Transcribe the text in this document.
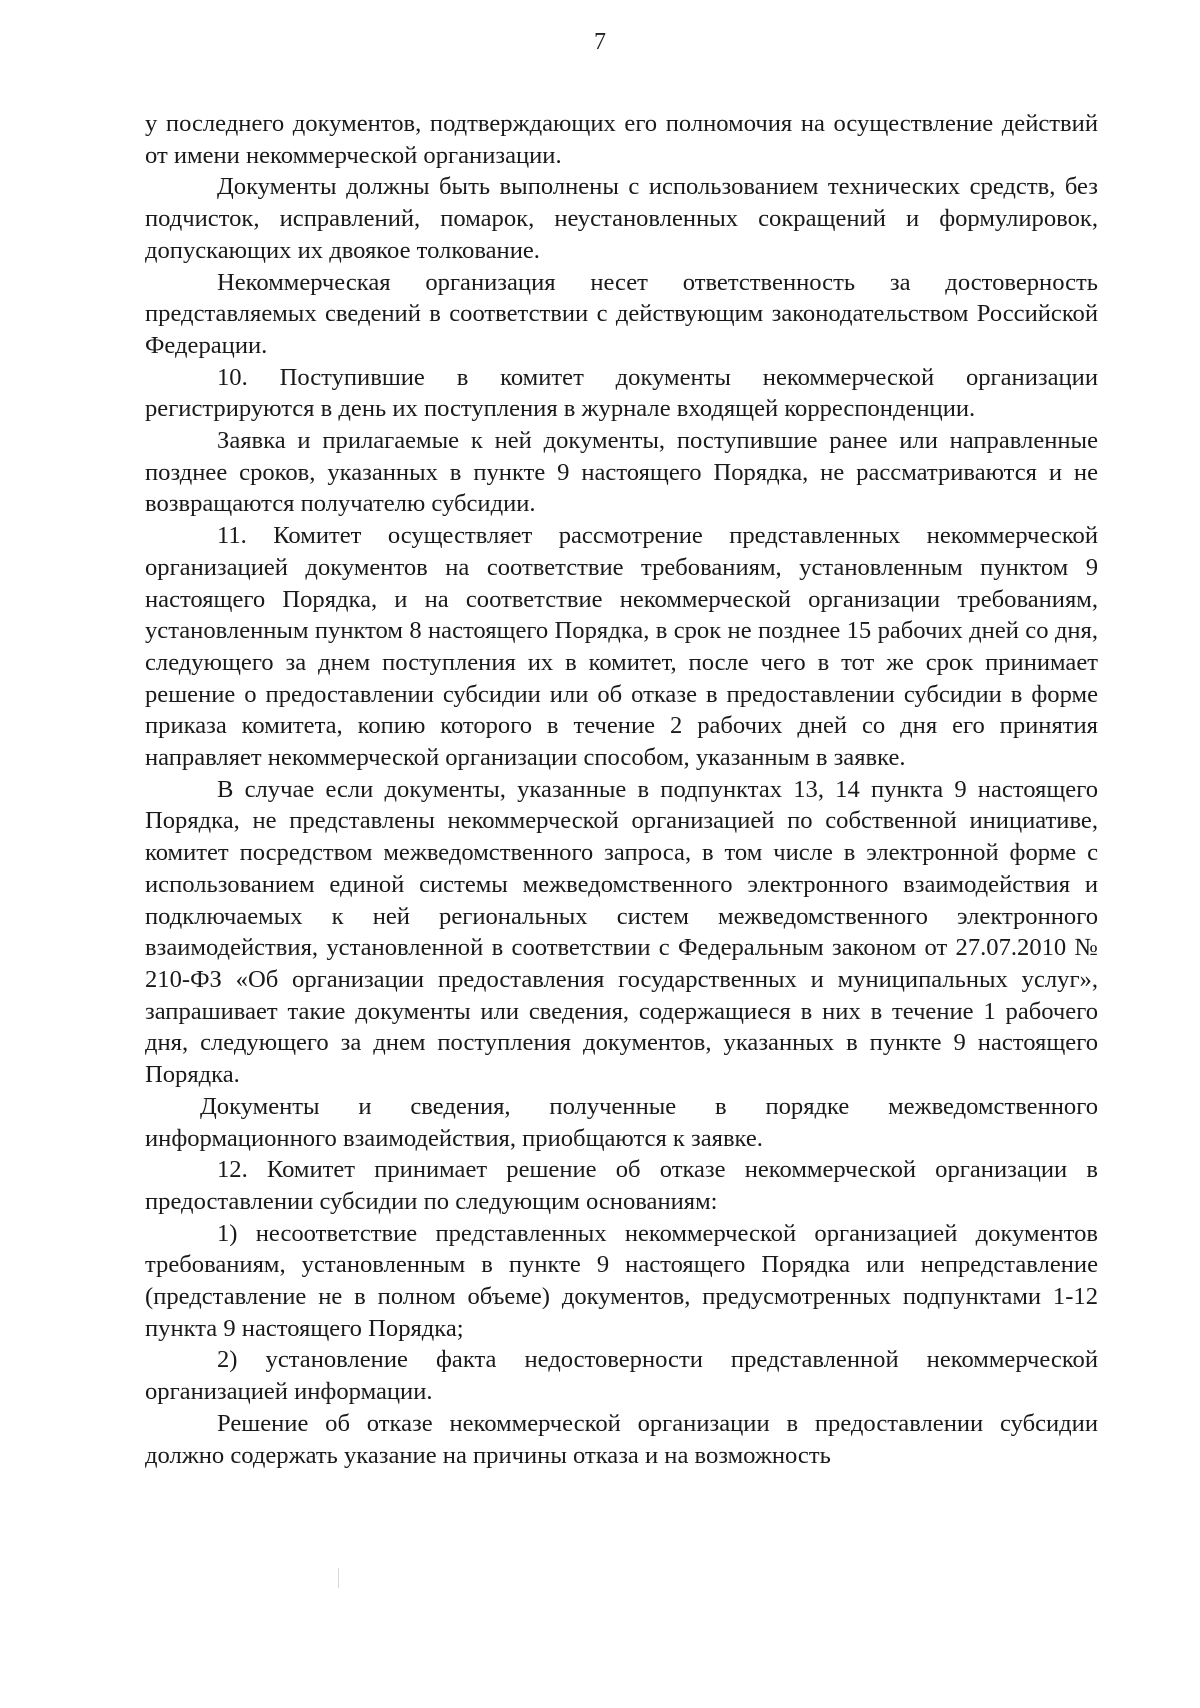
7

у последнего документов, подтверждающих его полномочия на осуществление действий от имени некоммерческой организации.

Документы должны быть выполнены с использованием технических средств, без подчисток, исправлений, помарок, неустановленных сокращений и формулировок, допускающих их двоякое толкование.

Некоммерческая организация несет ответственность за достоверность представляемых сведений в соответствии с действующим законодательством Российской Федерации.

10. Поступившие в комитет документы некоммерческой организации регистрируются в день их поступления в журнале входящей корреспонденции.

Заявка и прилагаемые к ней документы, поступившие ранее или направленные позднее сроков, указанных в пункте 9 настоящего Порядка, не рассматриваются и не возвращаются получателю субсидии.

11. Комитет осуществляет рассмотрение представленных некоммерческой организацией документов на соответствие требованиям, установленным пунктом 9 настоящего Порядка, и на соответствие некоммерческой организации требованиям, установленным пунктом 8 настоящего Порядка, в срок не позднее 15 рабочих дней со дня, следующего за днем поступления их в комитет, после чего в тот же срок принимает решение о предоставлении субсидии или об отказе в предоставлении субсидии в форме приказа комитета, копию которого в течение 2 рабочих дней со дня его принятия направляет некоммерческой организации способом, указанным в заявке.

В случае если документы, указанные в подпунктах 13, 14 пункта 9 настоящего Порядка, не представлены некоммерческой организацией по собственной инициативе, комитет посредством межведомственного запроса, в том числе в электронной форме с использованием единой системы межведомственного электронного взаимодействия и подключаемых к ней региональных систем межведомственного электронного взаимодействия, установленной в соответствии с Федеральным законом от 27.07.2010 № 210-ФЗ «Об организации предоставления государственных и муниципальных услуг», запрашивает такие документы или сведения, содержащиеся в них в течение 1 рабочего дня, следующего за днем поступления документов, указанных в пункте 9 настоящего Порядка.

Документы и сведения, полученные в порядке межведомственного информационного взаимодействия, приобщаются к заявке.

12. Комитет принимает решение об отказе некоммерческой организации в предоставлении субсидии по следующим основаниям:

1) несоответствие представленных некоммерческой организацией документов требованиям, установленным в пункте 9 настоящего Порядка или непредставление (представление не в полном объеме) документов, предусмотренных подпунктами 1-12 пункта 9 настоящего Порядка;

2) установление факта недостоверности представленной некоммерческой организацией информации.

Решение об отказе некоммерческой организации в предоставлении субсидии должно содержать указание на причины отказа и на возможность
